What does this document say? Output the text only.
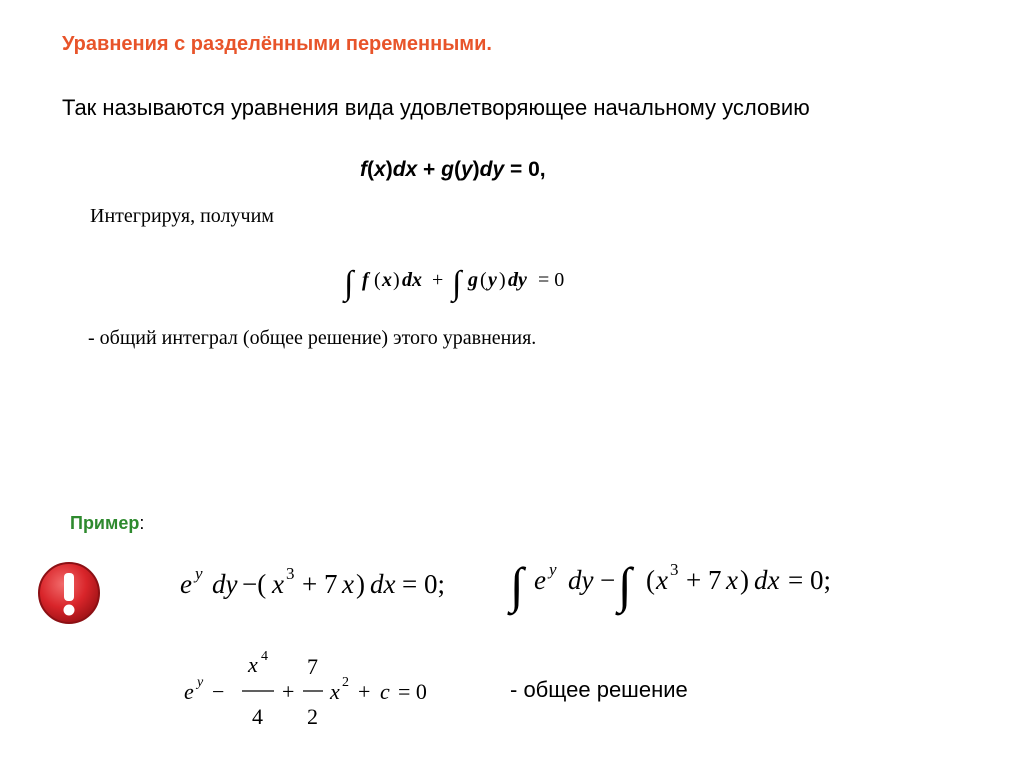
Уравнения с разделёнными переменными.
Так называются уравнения вида удовлетворяющее начальному условию
f(x)dx + g(y)dy = 0,
Интегрируя, получим
∫ f ( x ) dx + ∫ g ( y ) dy = 0
- общий интеграл (общее решение) этого уравнения.
Пример:
e y dy −( x 3 + 7 x ) dx = 0; ∫ e y dy − ∫ ( x 3 + 7 x ) dx = 0;
e y −
x 4
4
+
7
2
x 2 + c = 0	- общее решение
